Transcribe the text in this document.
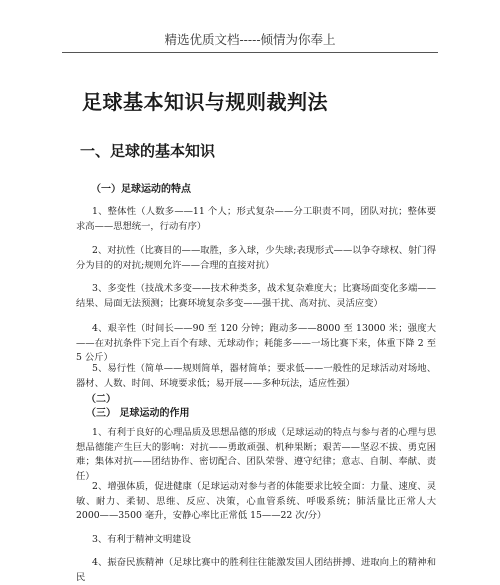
精选优质文档-----倾情为你奉上
足球基本知识与规则裁判法
一、足球的基本知识
（一）足球运动的特点
1、整体性（人数多——11 个人；形式复杂——分工职责不同，团队对抗；整体要求高——思想统一，行动有序）
2、对抗性（比赛目的——取胜，多入球，少失球;表现形式——以争夺球权、射门得分为目的的对抗;规则允许——合理的直接对抗）
3、多变性（技战术多变——技术种类多，战术复杂难度大；比赛场面变化多端——结果、局面无法预测；比赛环境复杂多变——强干扰、高对抗、灵活应变）
4、艰辛性（时间长——90 至 120 分钟；跑动多——8000 至 13000 米；强度大——在对抗条件下完上百个有球、无球动作；耗能多——一场比赛下来，体重下降 2 至 5 公斤）
5、易行性（简单——规则简单，器材简单；要求低——一般性的足球活动对场地、器材、人数、时间、环境要求低；易开展——多种玩法，适应性强）
（二）
（三） 足球运动的作用
1、有利于良好的心理品质及思想品德的形成（足球运动的特点与参与者的心理与思想品德能产生巨大的影响：对抗——勇敢顽强、机种果断；艰苦——坚忍不拔、勇克困难；集体对抗——团结协作、密切配合、团队荣誉、遵守纪律；意志、自制、奉献、责任）
2、增强体质，促进健康（足球运动对参与者的体能要求比较全面：力量、速度、灵敏、耐力、柔韧、思维、反应、决策，心血管系统、呼吸系统；肺活量比正常人大 2000——3500 毫升，安静心率比正常低 15——22 次/分）
3、有利于精神文明建设
4、振奋民族精神（足球比赛中的胜利往往能激发国人团结拼搏、进取向上的精神和民
